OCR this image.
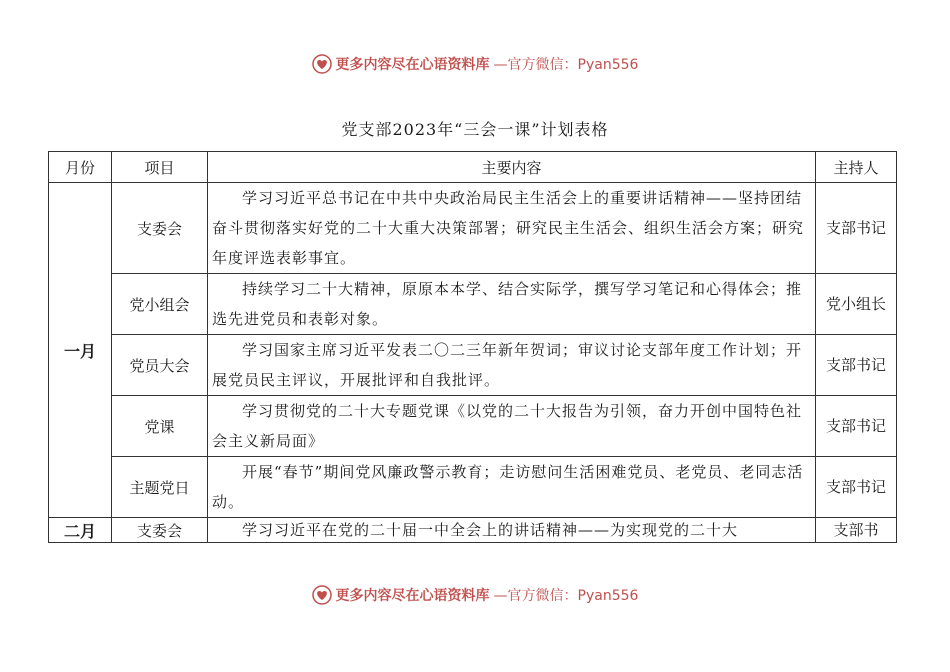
更多内容尽在心语资料库 —官方微信：Pyan556
党支部2023年“三会一课”计划表格
月份	项目	主要内容	主持人
一月	支委会	学习习近平总书记在中共中央政治局民主生活会上的重要讲话精神——坚持团结奋斗贯彻落实好党的二十大重大决策部署；研究民主生活会、组织生活会方案；研究年度评选表彰事宜。	支部书记
	党小组会	持续学习二十大精神，原原本本学、结合实际学，撰写学习笔记和心得体会；推选先进党员和表彰对象。	党小组长
	党员大会	学习国家主席习近平发表二〇二三年新年贺词；审议讨论支部年度工作计划；开展党员民主评议，开展批评和自我批评。	支部书记
	党课	学习贯彻党的二十大专题党课《以党的二十大报告为引领，奋力开创中国特色社会主义新局面》	支部书记
	主题党日	开展“春节”期间党风廉政警示教育；走访慰问生活困难党员、老党员、老同志活动。	支部书记
二月	支委会	学习习近平在党的二十届一中全会上的讲话精神——为实现党的二十大	支部书
更多内容尽在心语资料库 —官方微信：Pyan556
